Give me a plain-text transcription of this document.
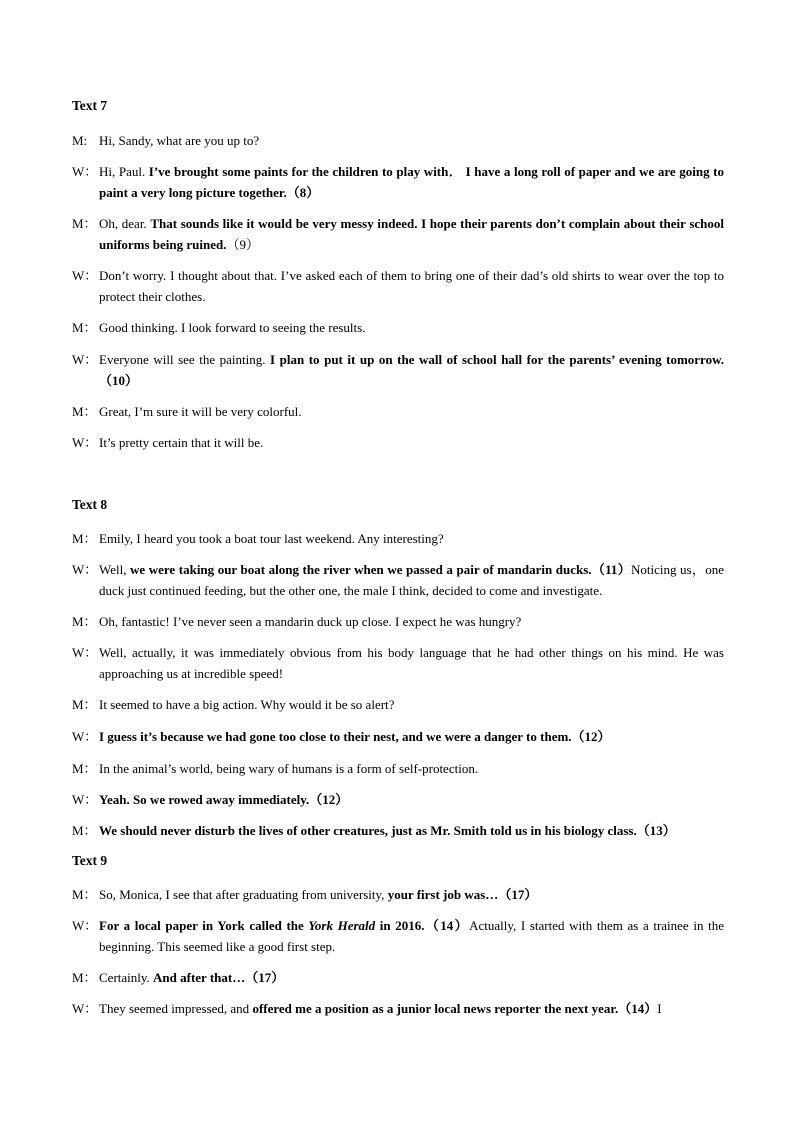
Text 7
M: Hi, Sandy, what are you up to?
W： Hi, Paul. I’ve brought some paints for the children to play with． I have a long roll of paper and we are going to paint a very long picture together.（8）
M： Oh, dear. That sounds like it would be very messy indeed. I hope their parents don’t complain about their school uniforms being ruined.（9）
W： Don’t worry. I thought about that. I’ve asked each of them to bring one of their dad’s old shirts to wear over the top to protect their clothes.
M： Good thinking. I look forward to seeing the results.
W： Everyone will see the painting. I plan to put it up on the wall of school hall for the parents’ evening tomorrow.（10）
M： Great, I’m sure it will be very colorful.
W： It’s pretty certain that it will be.
Text 8
M： Emily, I heard you took a boat tour last weekend. Any interesting?
W： Well, we were taking our boat along the river when we passed a pair of mandarin ducks.（11）Noticing us，one duck just continued feeding, but the other one, the male I think, decided to come and investigate.
M： Oh, fantastic! I’ve never seen a mandarin duck up close. I expect he was hungry?
W： Well, actually, it was immediately obvious from his body language that he had other things on his mind. He was approaching us at incredible speed!
M： It seemed to have a big action. Why would it be so alert?
W： I guess it’s because we had gone too close to their nest, and we were a danger to them.（12）
M： In the animal’s world, being wary of humans is a form of self-protection.
W： Yeah. So we rowed away immediately.（12）
M： We should never disturb the lives of other creatures, just as Mr. Smith told us in his biology class.（13）
Text 9
M： So, Monica, I see that after graduating from university, your first job was…（17）
W： For a local paper in York called the York Herald in 2016.（14）Actually, I started with them as a trainee in the beginning. This seemed like a good first step.
M： Certainly. And after that…（17）
W： They seemed impressed, and offered me a position as a junior local news reporter the next year.（14）I
